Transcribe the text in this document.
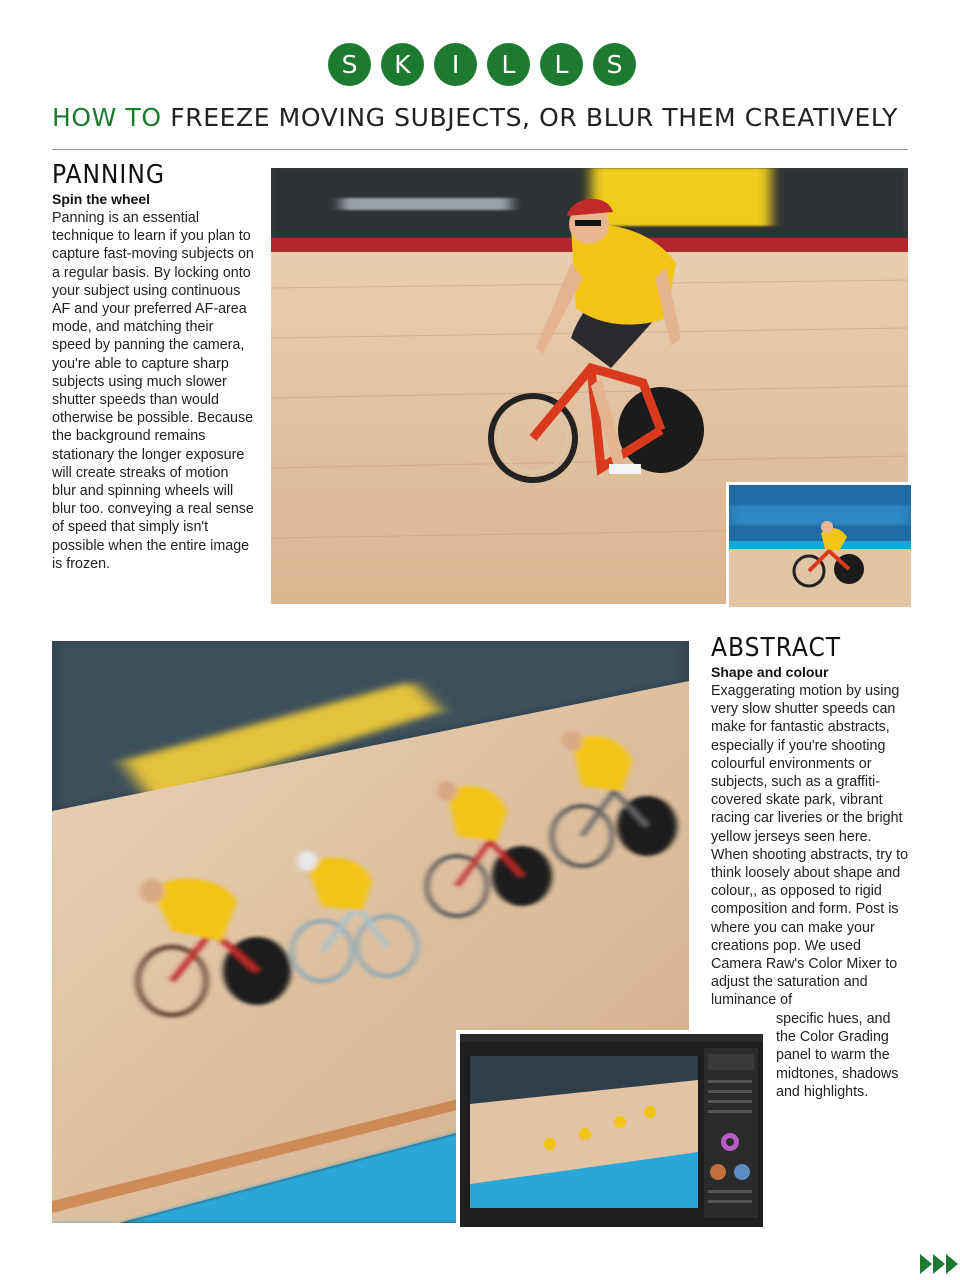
S	K	I	L	L	S
HOW TO FREEZE MOVING SUBJECTS, OR BLUR THEM CREATIVELY
PANNING
Spin the wheel
Panning is an essential technique to learn if you plan to capture fast-moving subjects on a regular basis. By locking onto your subject using continuous AF and your preferred AF-area mode, and matching their speed by panning the camera, you're able to capture sharp subjects using much slower shutter speeds than would otherwise be possible. Because the background remains stationary the longer exposure will create streaks of motion blur and spinning wheels will blur too. conveying a real sense of speed that simply isn't possible when the entire image is frozen.
ABSTRACT
Shape and colour
Exaggerating motion by using very slow shutter speeds can make for fantastic abstracts, especially if you're shooting colourful environments or subjects, such as a graffiti-covered skate park, vibrant racing car liveries or the bright yellow jerseys seen here. When shooting abstracts, try to think loosely about shape and colour,, as opposed to rigid composition and form. Post is where you can make your creations pop. We used Camera Raw's Color Mixer to adjust the saturation and luminance of
specific hues, and the Color Grading panel to warm the midtones, shadows and highlights.
